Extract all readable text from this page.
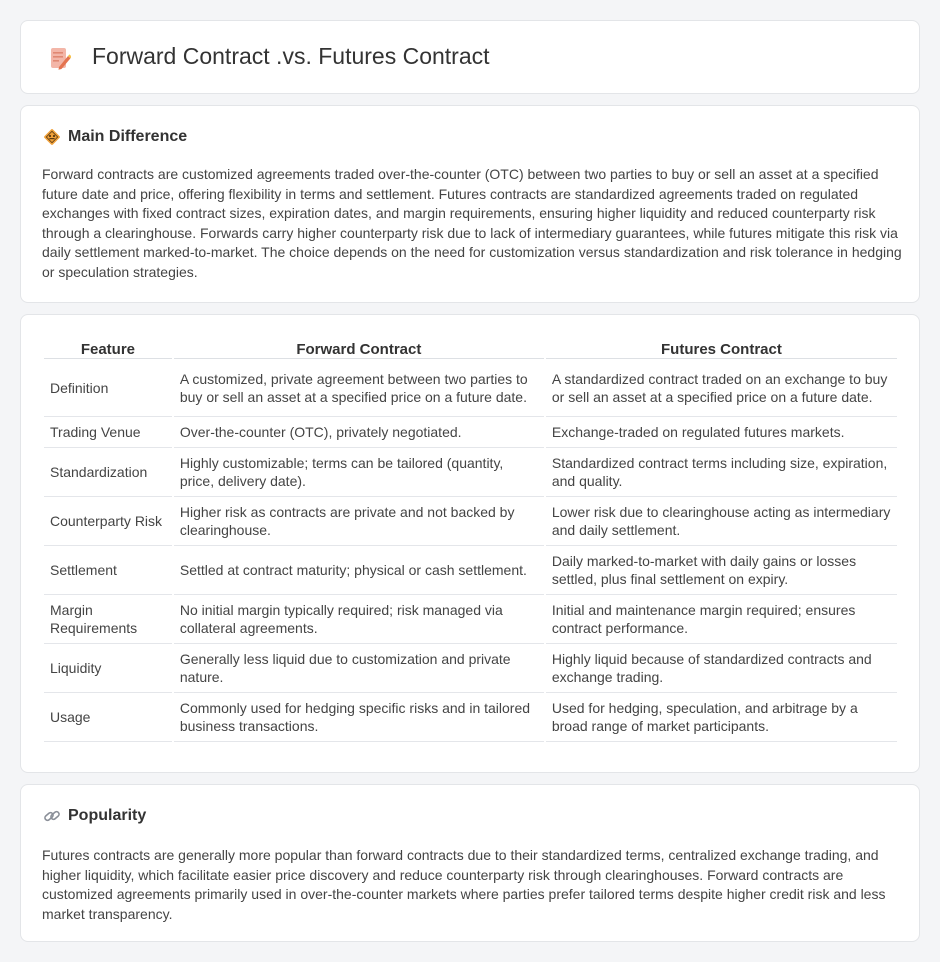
Forward Contract .vs. Futures Contract
Main Difference

Forward contracts are customized agreements traded over-the-counter (OTC) between two parties to buy or sell an asset at a specified future date and price, offering flexibility in terms and settlement. Futures contracts are standardized agreements traded on regulated exchanges with fixed contract sizes, expiration dates, and margin requirements, ensuring higher liquidity and reduced counterparty risk through a clearinghouse. Forwards carry higher counterparty risk due to lack of intermediary guarantees, while futures mitigate this risk via daily settlement marked-to-market. The choice depends on the need for customization versus standardization and risk tolerance in hedging or speculation strategies.

Feature	Forward Contract	Futures Contract
Definition	A customized, private agreement between two parties to buy or sell an asset at a specified price on a future date.	A standardized contract traded on an exchange to buy or sell an asset at a specified price on a future date.
Trading Venue	Over-the-counter (OTC), privately negotiated.	Exchange-traded on regulated futures markets.
Standardization	Highly customizable; terms can be tailored (quantity, price, delivery date).	Standardized contract terms including size, expiration, and quality.
Counterparty Risk	Higher risk as contracts are private and not backed by clearinghouse.	Lower risk due to clearinghouse acting as intermediary and daily settlement.
Settlement	Settled at contract maturity; physical or cash settlement.	Daily marked-to-market with daily gains or losses settled, plus final settlement on expiry.
Margin Requirements	No initial margin typically required; risk managed via collateral agreements.	Initial and maintenance margin required; ensures contract performance.
Liquidity	Generally less liquid due to customization and private nature.	Highly liquid because of standardized contracts and exchange trading.
Usage	Commonly used for hedging specific risks and in tailored business transactions.	Used for hedging, speculation, and arbitrage by a broad range of market participants.
Popularity

Futures contracts are generally more popular than forward contracts due to their standardized terms, centralized exchange trading, and higher liquidity, which facilitate easier price discovery and reduce counterparty risk through clearinghouses. Forward contracts are customized agreements primarily used in over-the-counter markets where parties prefer tailored terms despite higher credit risk and less market transparency.
